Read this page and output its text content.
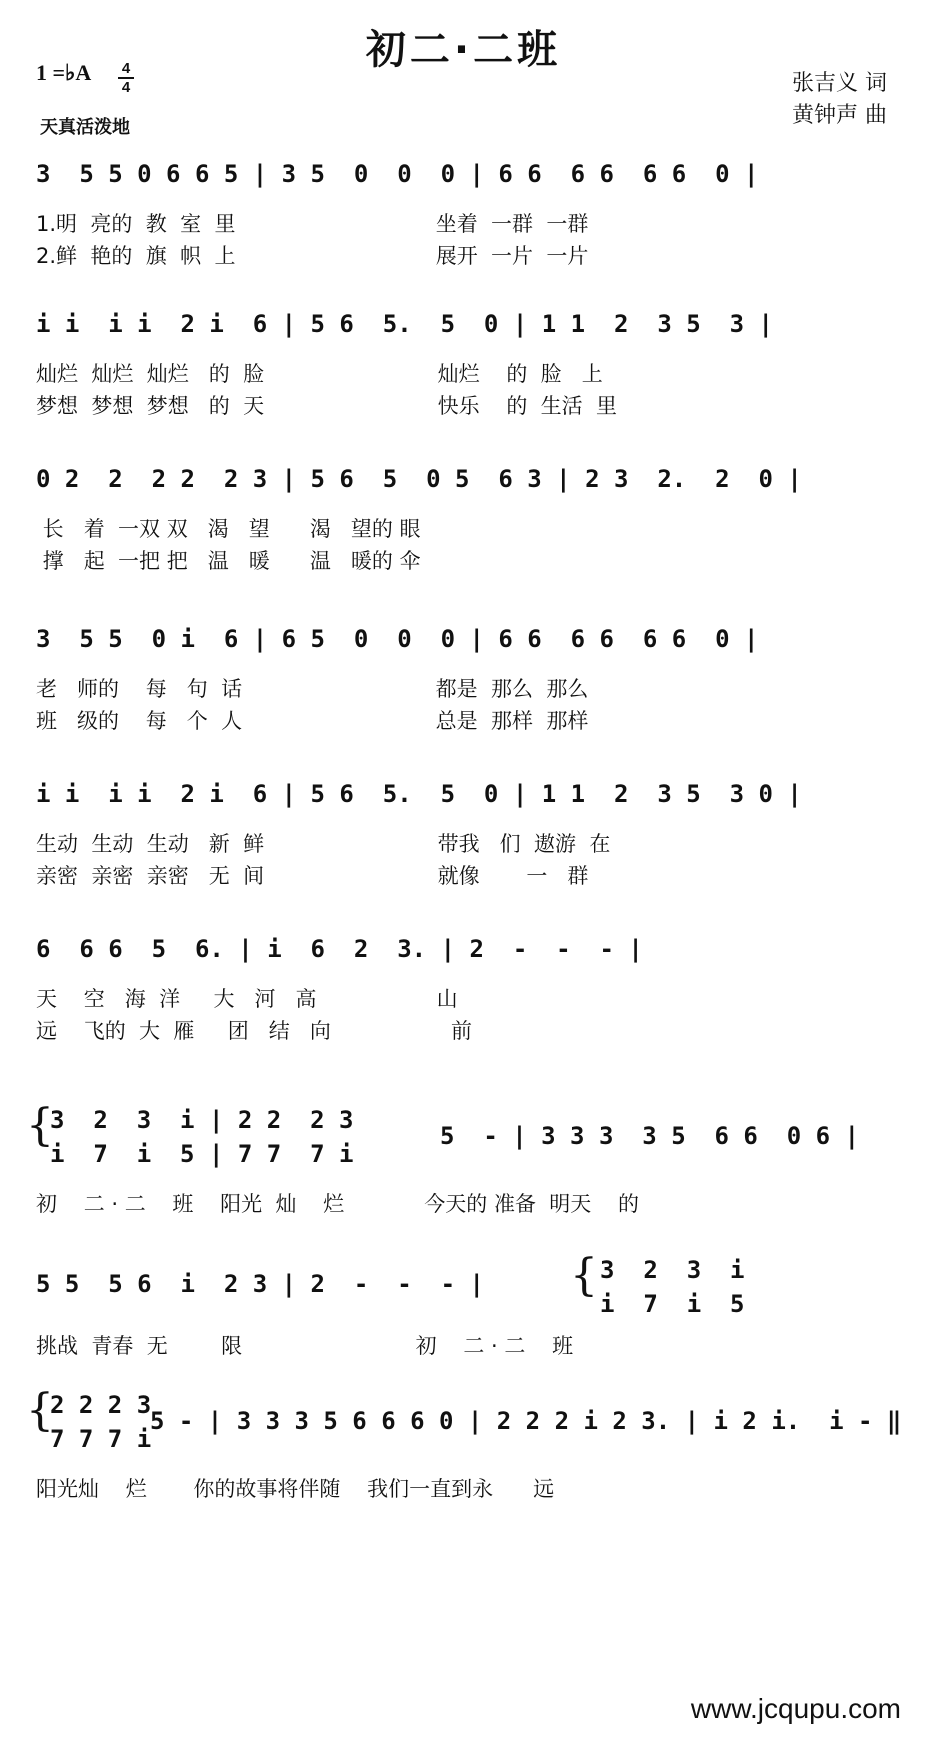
初二·二班
1 =♭A 4
4
天真活泼地
张吉义 词
黄钟声 曲
3  5 5 0 6 6 5 | 3 5  0  0  0 | 6 6  6 6  6 6  0 |
1.明  亮的  教  室  里                              坐着  一群  一群
2.鲜  艳的  旗  帜  上                              展开  一片  一片
i i  i i  2 i  6 | 5 6  5.  5  0 | 1 1  2  3 5  3 |
灿烂  灿烂  灿烂   的  脸                          灿烂    的  脸   上
梦想  梦想  梦想   的  天                          快乐    的  生活  里
0 2  2  2 2  2 3 | 5 6  5  0 5  6 3 | 2 3  2.  2  0 |
长   着  一双 双   渴   望      渴   望的 眼
撑   起  一把 把   温   暖      温   暖的 伞
3  5 5  0 i  6 | 6 5  0  0  0 | 6 6  6 6  6 6  0 |
老   师的    每   句  话                             都是  那么  那么
班   级的    每   个  人                             总是  那样  那样
i i  i i  2 i  6 | 5 6  5.  5  0 | 1 1  2  3 5  3 0 |
生动  生动  生动   新  鲜                          带我   们  遨游  在
亲密  亲密  亲密   无  间                          就像       一   群
6  6 6  5  6. | i  6  2  3. | 2  -  -  - |
天    空   海  洋     大   河   高                  山
远    飞的  大  雁     团   结   向                  前
3  2  3  i | 2 2  2 3
i  7  i  5 | 7 7  7 i
5  - | 3 3 3  3 5  6 6  0 6 |
{
初    二 · 二    班    阳光  灿    烂            今天的 准备  明天    的
5 5  5 6  i  2 3 | 2  -  -  - |	3  2  3  i
i  7  i  5
{
挑战  青春  无        限                          初    二 · 二    班
2 2 2 3
7 7 7 i
5 - | 3 3 3 5 6 6 6 0 | 2 2 2 i 2 3. | i 2 i.  i - ‖
{
阳光灿    烂       你的故事将伴随    我们一直到永      远
www.jcqupu.com
